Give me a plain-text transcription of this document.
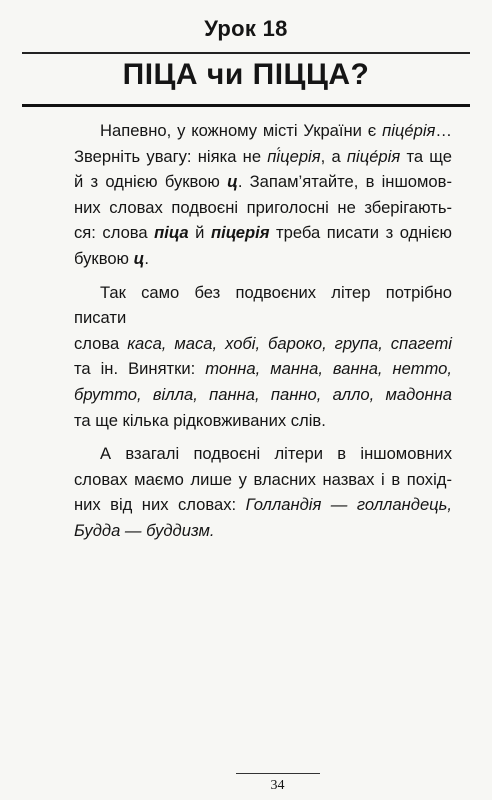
Урок 18
ПІЦА чи ПІЦЦА?

Напевно, у кожному місті України є піце́рія…
Зверніть увагу: ніяка не пі́церія, а піце́рія та ще
й з однією буквою ц. Запам’ятайте, в іншомов-
них словах подвоєні приголосні не зберігають-
ся: слова піца й піцерія треба писати з однією
буквою ц.

Так само без подвоєних літер потрібно писати
слова каса, маса, хобі, бароко, група, спагеті
та ін. Винятки: тонна, манна, ванна, нетто,
брутто, вілла, панна, панно, алло, мадонна
та ще кілька рідковживаних слів.

А взагалі подвоєні літери в іншомовних
словах маємо лише у власних назвах і в похід-
них від них словах: Голландія — голландець,
Будда — буддизм.

34
